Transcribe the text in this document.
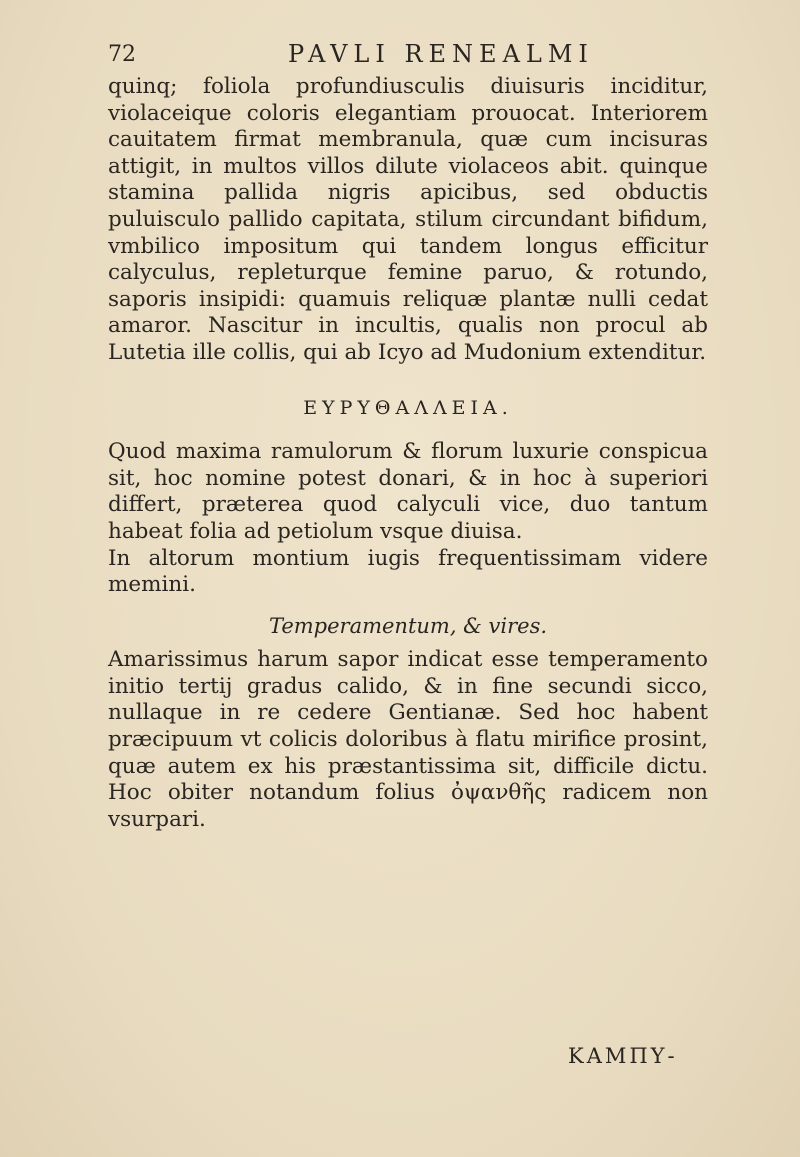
72	PAVLI RENEALMI

quinq; foliola profundiusculis diuisuris inciditur, violaceique coloris elegantiam prouocat. Interiorem cauitatem firmat membranula, quæ cum incisuras attigit, in multos villos dilute violaceos abit. quinque stamina pallida nigris apicibus, sed obductis puluisculo pallido capitata, stilum circundant bifidum, vmbilico impositum qui tandem longus efficitur calyculus, repleturque femine paruo, & rotundo, saporis insipidi: quamuis reliquæ plantæ nulli cedat amaror. Nascitur in incultis, qualis non procul ab Lutetia ille collis, qui ab Icyo ad Mudonium extenditur.

ΕΥΡΥΘΑΛΛΕΙΑ.

Quod maxima ramulorum & florum luxurie conspicua sit, hoc nomine potest donari, & in hoc à superiori differt, præterea quod calyculi vice, duo tantum habeat folia ad petiolum vsque diuisa.

In altorum montium iugis frequentissimam videre memini.

Temperamentum, & vires.

Amarissimus harum sapor indicat esse temperamento initio tertij gradus calido, & in fine secundi sicco, nullaque in re cedere Gentianæ. Sed hoc habent præcipuum vt colicis doloribus à flatu mirifice prosint, quæ autem ex his præstantissima sit, difficile dictu. Hoc obiter notandum folius ὀψανθῆς radicem non vsurpari.

ΚΑΜΠΥ-
